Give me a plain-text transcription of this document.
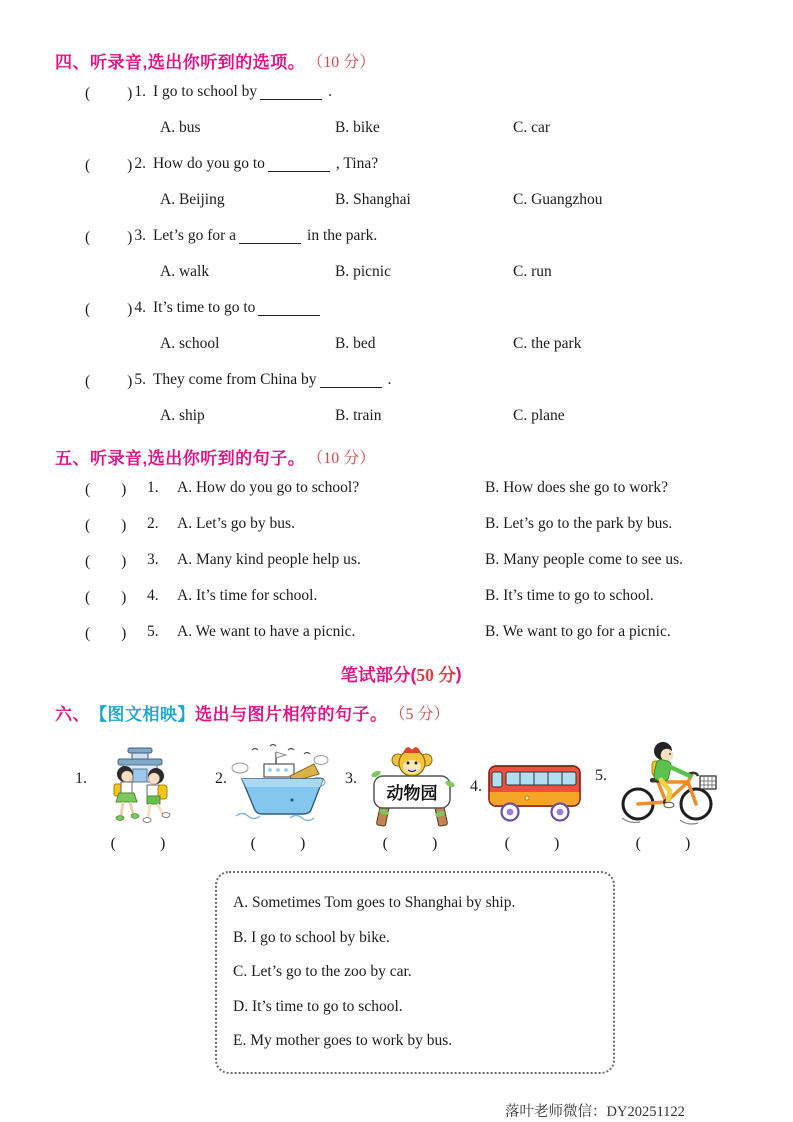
四、听录音,选出你听到的选项。 （10 分）
(　　) 1. I go to school by	.
A. bus	B. bike	C. car
(　　) 2. How do you go to	, Tina?
A. Beijing	B. Shanghai	C. Guangzhou
(　　) 3. Let’s go for a	in the park.
A. walk	B. picnic	C. run
(　　) 4. It’s time to go to
A. school	B. bed	C. the park
(　　) 5. They come from China by	.
A. ship	B. train	C. plane
五、听录音,选出你听到的句子。 （10 分）
(　　)	1.	A. How do you go to school?	B. How does she go to work?
(　　)	2.	A. Let’s go by bus.	B. Let’s go to the park by bus.
(　　)	3.	A. Many kind people help us.	B. Many people come to see us.
(　　)	4.	A. It’s time for school.	B. It’s time to go to school.
(　　)	5.	A. We want to have a picnic.	B. We want to go for a picnic.
笔试部分( 50 分 )
六、 【图文相映】 选出与图片相符的句子。 （5 分）
1.
(　　)
2.
(　　)
3.
动物园
(　　)
4.
(　　)
5.
(　　)
A. Sometimes Tom goes to Shanghai by ship.
B. I go to school by bike.
C. Let’s go to the zoo by car.
D. It’s time to go to school.
E. My mother goes to work by bus.
落叶老师微信：DY20251122
